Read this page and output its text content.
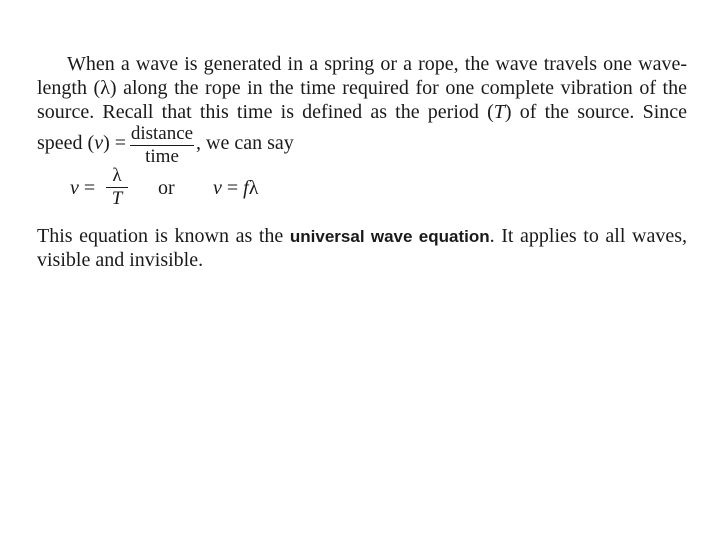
When a wave is generated in a spring or a rope, the wave travels one wave-
length (λ) along the rope in the time required for one complete vibration of the
source. Recall that this time is defined as the period (T) of the source. Since
speed (v) = distance
time
, we can say
v =
λ
T or v = fλ
This equation is known as the universal wave equation. It applies to all waves,
visible and invisible.
